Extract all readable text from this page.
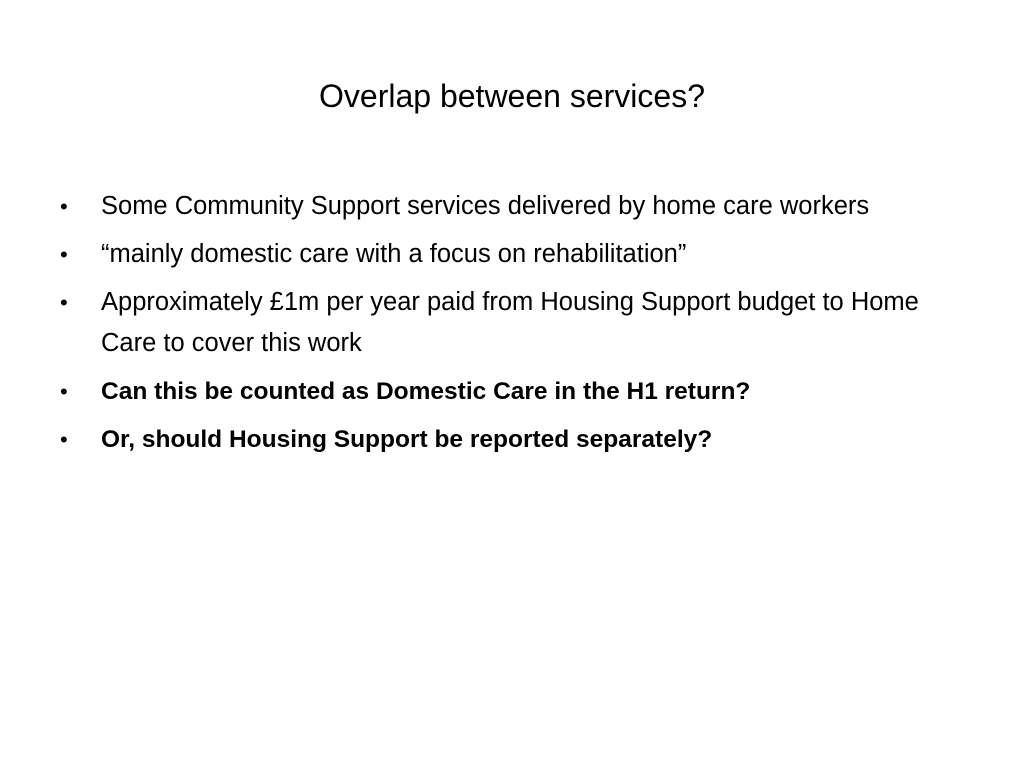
Overlap between services?
•	Some Community Support services delivered by home care workers
•	“mainly domestic care with a focus on rehabilitation”
•	Approximately £1m per year paid from Housing Support budget to Home Care to cover this work
•	Can this be counted as Domestic Care in the H1 return?
•	Or, should Housing Support be reported separately?
